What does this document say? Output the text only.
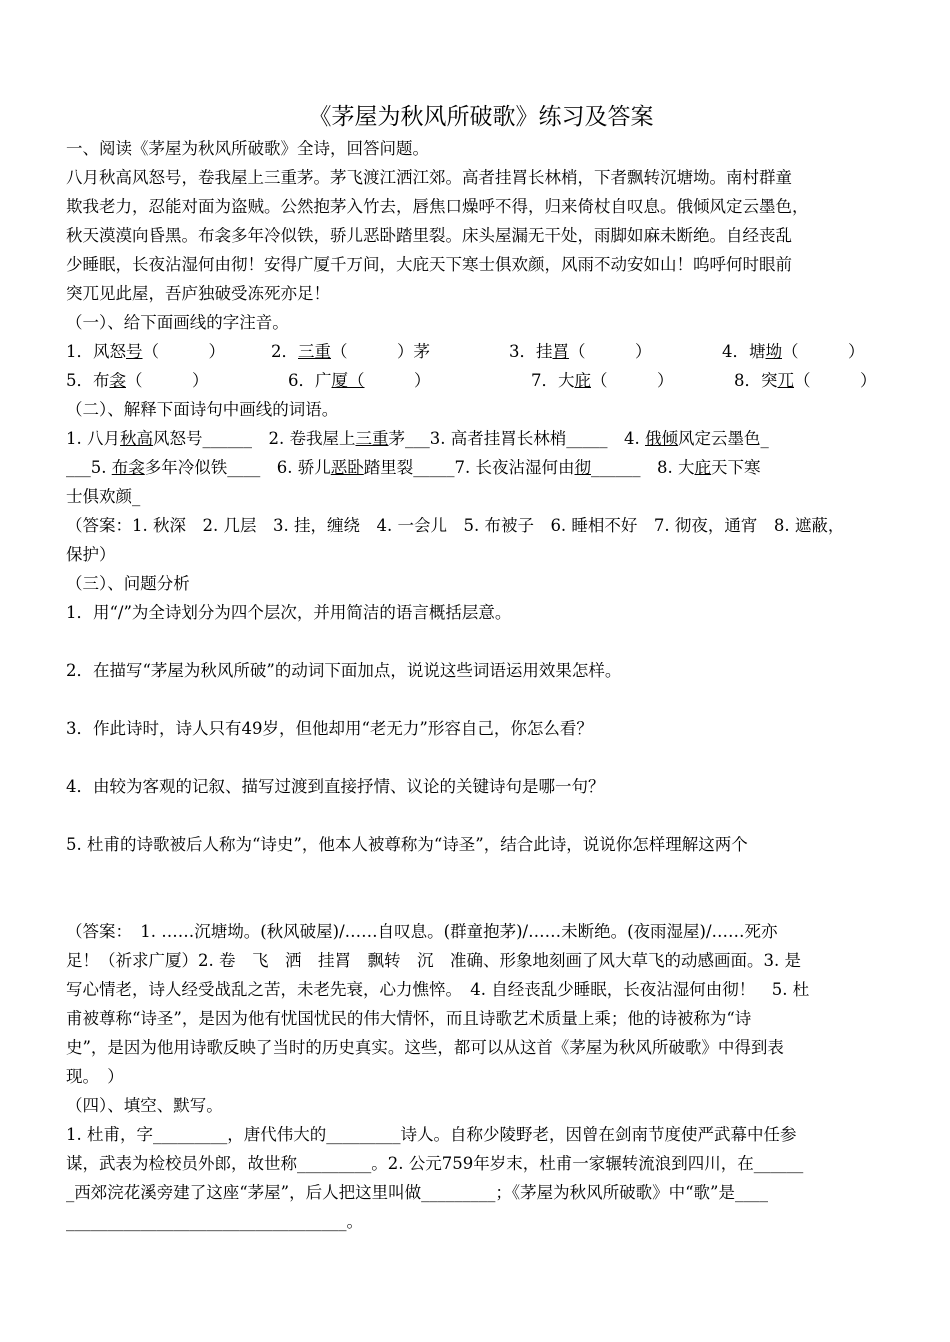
《茅屋为秋风所破歌》练习及答案
一、阅读《茅屋为秋风所破歌》全诗，回答问题。
八月秋高风怒号，卷我屋上三重茅。茅飞渡江洒江郊。高者挂罥长林梢，下者飘转沉塘坳。南村群童
欺我老力，忍能对面为盗贼。公然抱茅入竹去，唇焦口燥呼不得，归来倚杖自叹息。俄倾风定云墨色，
秋天漠漠向昏黑。布衾多年冷似铁，骄儿恶卧踏里裂。床头屋漏无干处，雨脚如麻未断绝。自经丧乱
少睡眠，长夜沾湿何由彻！安得广厦千万间，大庇天下寒士俱欢颜，风雨不动安如山！呜呼何时眼前
突兀见此屋，吾庐独破受冻死亦足！
（一）、给下面画线的字注音。
1．风怒号（　　　）	2．三重（　　　）茅	3．挂罥（　　　）	4．塘坳（　　　）
5．布衾（　　　）	6．广厦（　　　）	7．大庇（　　　）	8．突兀（　　　）
（二）、解释下面诗句中画线的词语。
1. 八月秋高风怒号______　2. 卷我屋上三重茅___3. 高者挂罥长林梢_____　4. 俄倾风定云墨色_
___5. 布衾多年冷似铁____　6. 骄儿恶卧踏里裂_____7. 长夜沾湿何由彻______　8. 大庇天下寒
士俱欢颜_
（答案：1. 秋深　2. 几层　3. 挂，缠绕　4. 一会儿　5. 布被子　6. 睡相不好　7. 彻夜，通宵　8. 遮蔽，
保护）
（三）、问题分析
1．用“/”为全诗划分为四个层次，并用简洁的语言概括层意。
2．在描写“茅屋为秋风所破”的动词下面加点，说说这些词语运用效果怎样。
3．作此诗时，诗人只有49岁，但他却用“老无力”形容自己，你怎么看？
4．由较为客观的记叙、描写过渡到直接抒情、议论的关键诗句是哪一句？
5. 杜甫的诗歌被后人称为“诗史”，他本人被尊称为“诗圣”，结合此诗，说说你怎样理解这两个
（答案：　1. ……沉塘坳。(秋风破屋)/……自叹息。(群童抱茅)/……未断绝。(夜雨湿屋)/……死亦
足！（祈求广厦）2. 卷　飞　洒　挂罥　飘转　沉　准确、形象地刻画了风大草飞的动感画面。3. 是
写心情老，诗人经受战乱之苦，未老先衰，心力憔悴。　4. 自经丧乱少睡眠，长夜沾湿何由彻！　5. 杜
甫被尊称“诗圣”，是因为他有忧国忧民的伟大情怀，而且诗歌艺术质量上乘；他的诗被称为“诗
史”，是因为他用诗歌反映了当时的历史真实。这些，都可以从这首《茅屋为秋风所破歌》中得到表
现。　）
（四）、填空、默写。
1. 杜甫，字_________，唐代伟大的_________诗人。自称少陵野老，因曾在剑南节度使严武幕中任参
谋，武表为检校员外郎，故世称_________。2. 公元759年岁末，杜甫一家辗转流浪到四川，在______
_西郊浣花溪旁建了这座“茅屋”，后人把这里叫做_________；《茅屋为秋风所破歌》中“歌”是____
__________________________________。
